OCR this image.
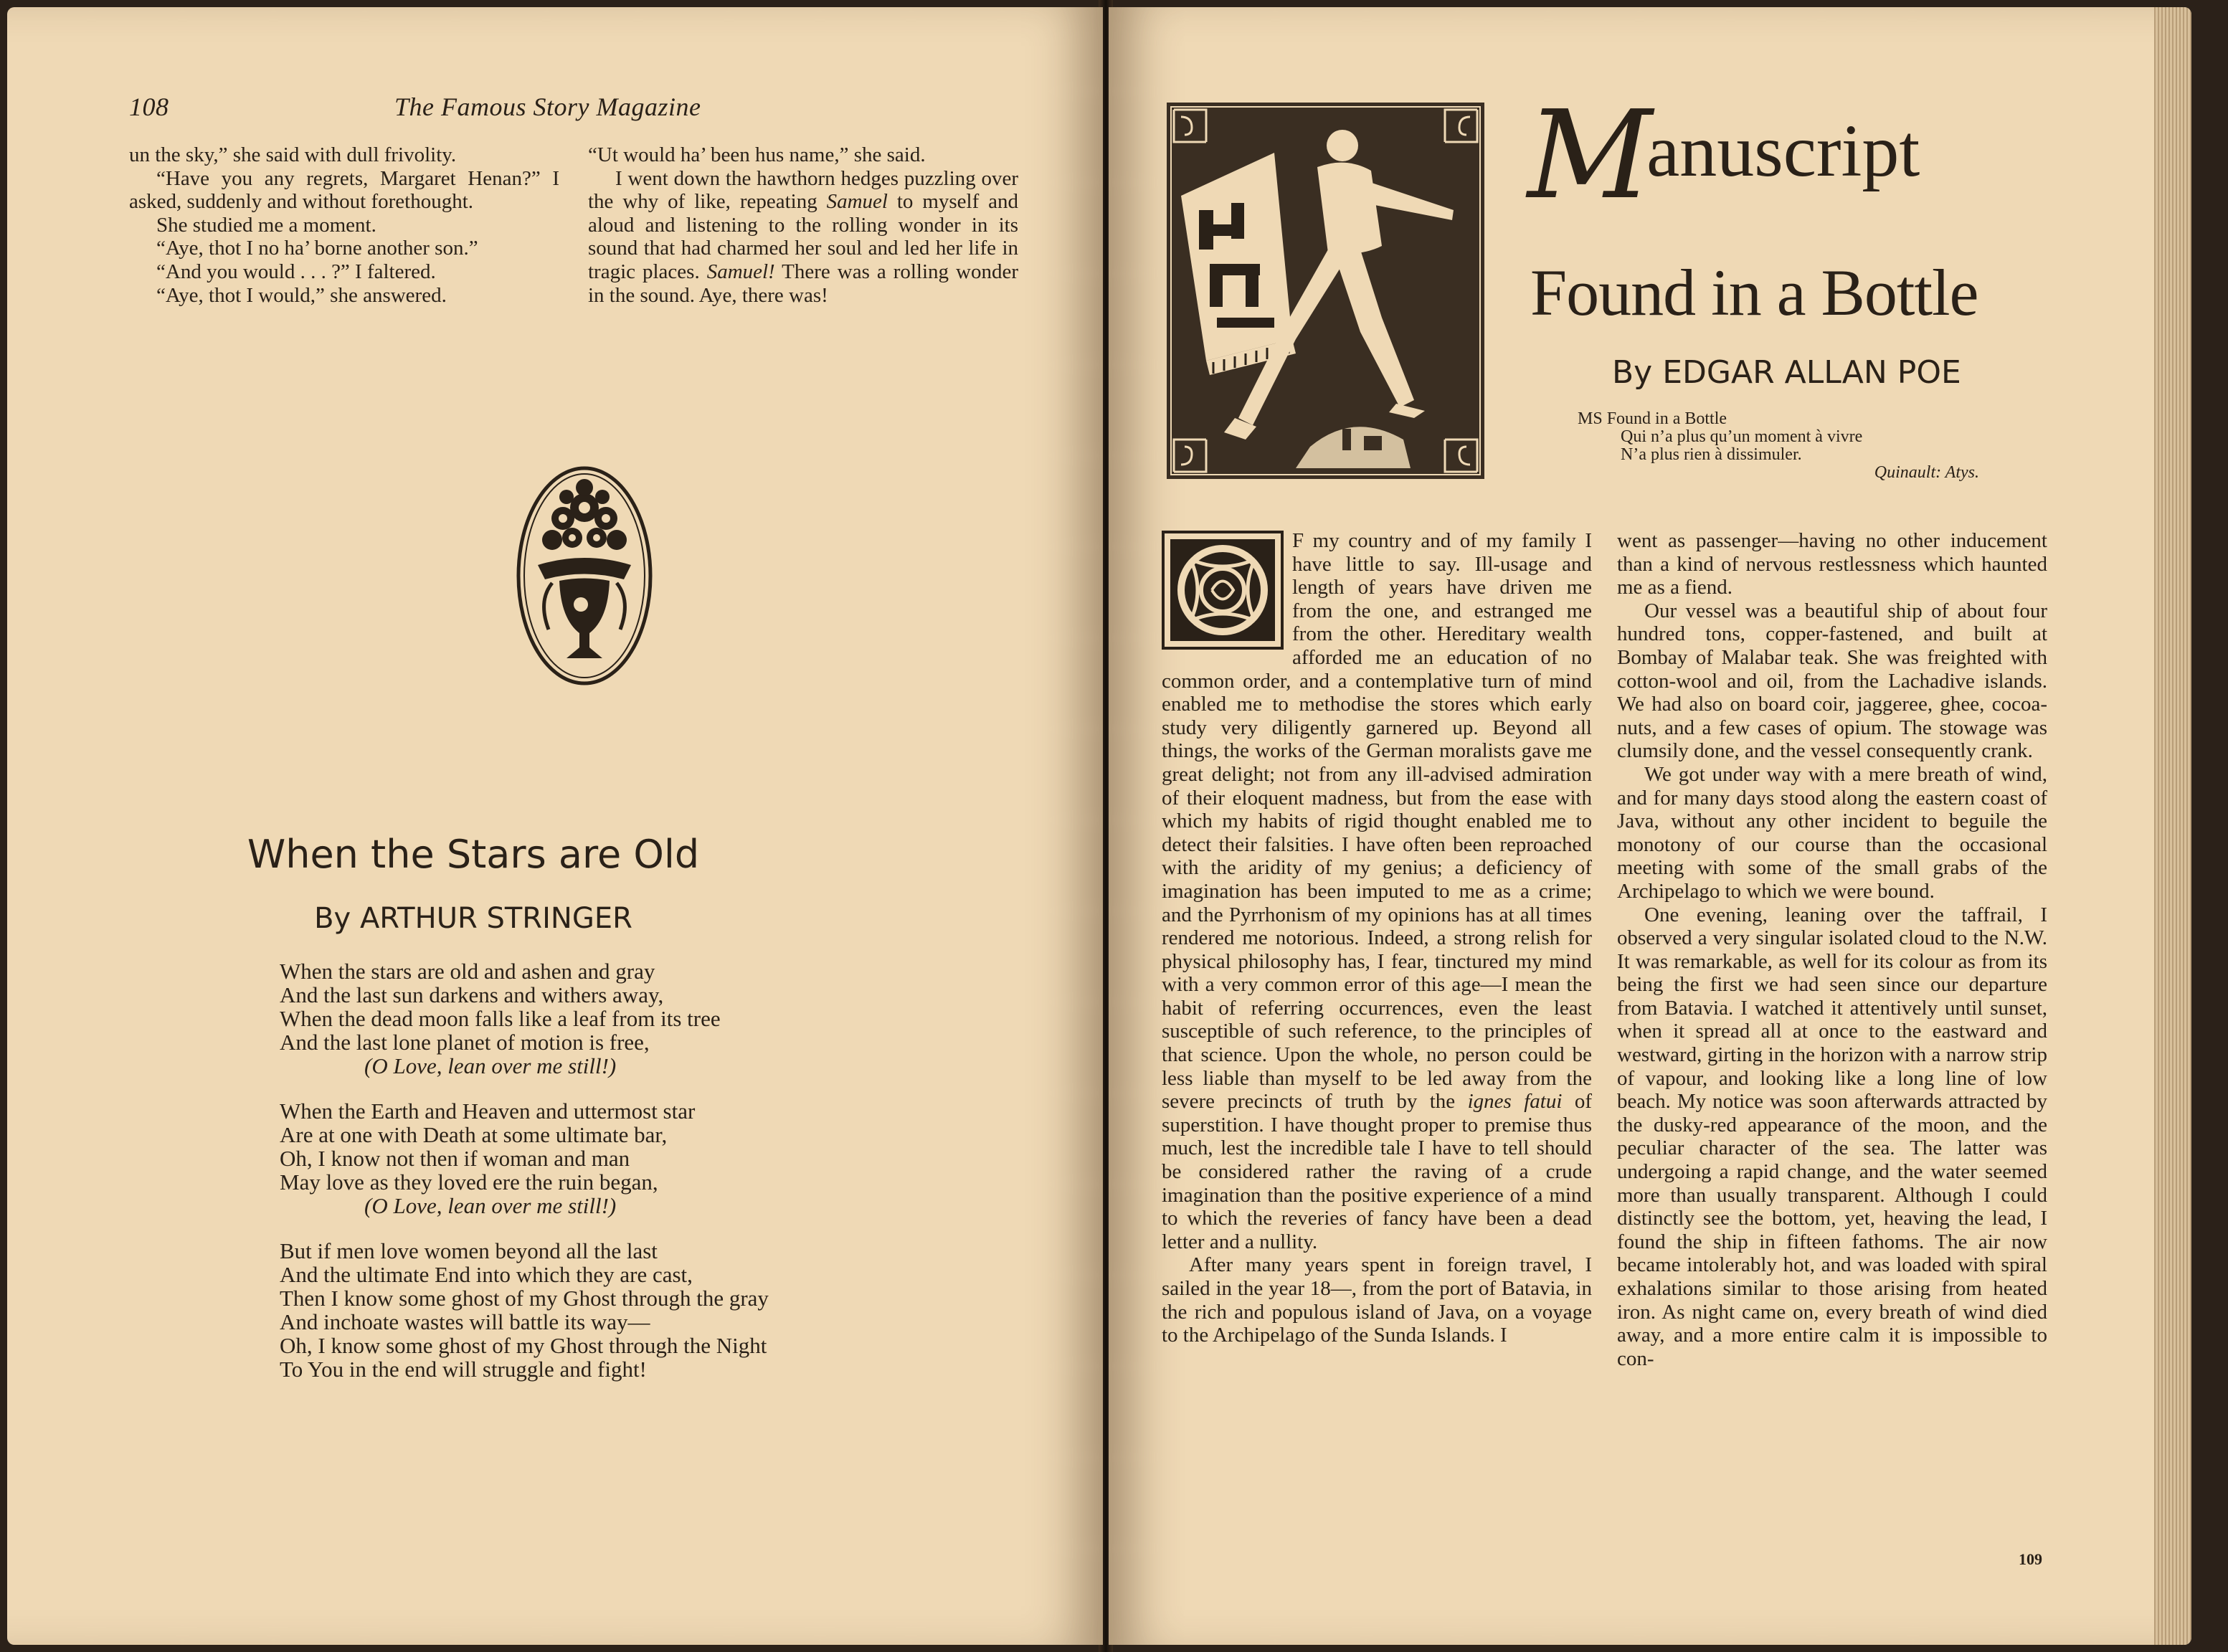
108	The Famous Story Magazine

un the sky,” she said with dull frivolity.

“Have you any regrets, Margaret Henan?” I asked, suddenly and without forethought.

She studied me a moment.

“Aye, thot I no ha’ borne another son.”

“And you would . . . ?” I faltered.

“Aye, thot I would,” she answered.

“Ut would ha’ been hus name,” she said.

I went down the hawthorn hedges puzzling over the why of like, repeating Samuel to myself and aloud and listening to the rolling wonder in its sound that had charmed her soul and led her life in tragic places. Samuel! There was a rolling wonder in the sound. Aye, there was!

When the Stars are Old
By ARTHUR STRINGER
When the stars are old and ashen and gray
And the last sun darkens and withers away,
When the dead moon falls like a leaf from its tree
And the last lone planet of motion is free,
(O Love, lean over me still!)
When the Earth and Heaven and uttermost star
Are at one with Death at some ultimate bar,
Oh, I know not then if woman and man
May love as they loved ere the ruin began,
(O Love, lean over me still!)
But if men love women beyond all the last
And the ultimate End into which they are cast,
Then I know some ghost of my Ghost through the gray
And inchoate wastes will battle its way—
Oh, I know some ghost of my Ghost through the Night
To You in the end will struggle and fight!
Manuscript
Found in a Bottle
By EDGAR ALLAN POE
MS Found in a Bottle
Qui n’a plus qu’un moment à vivre
N’a plus rien à dissimuler.
Quinault: Atys.

F my country and of my family I have little to say. Ill-usage and length of years have driven me from the one, and estranged me from the other. Hereditary wealth afforded me an education of no common order, and a contemplative turn of mind enabled me to methodise the stores which early study very diligently garnered up. Beyond all things, the works of the German moralists gave me great delight; not from any ill-advised admiration of their eloquent madness, but from the ease with which my habits of rigid thought enabled me to detect their falsities. I have often been reproached with the aridity of my genius; a deficiency of imagination has been imputed to me as a crime; and the Pyrrhonism of my opinions has at all times rendered me notorious. Indeed, a strong relish for physical philosophy has, I fear, tinctured my mind with a very common error of this age—I mean the habit of referring occurrences, even the least susceptible of such reference, to the principles of that science. Upon the whole, no person could be less liable than myself to be led away from the severe precincts of truth by the ignes fatui of superstition. I have thought proper to premise thus much, lest the incredible tale I have to tell should be considered rather the raving of a crude imagination than the positive experience of a mind to which the reveries of fancy have been a dead letter and a nullity.

After many years spent in foreign travel, I sailed in the year 18—, from the port of Batavia, in the rich and populous island of Java, on a voyage to the Archipelago of the Sunda Islands. I

went as passenger—having no other inducement than a kind of nervous restlessness which haunted me as a fiend.

Our vessel was a beautiful ship of about four hundred tons, copper-fastened, and built at Bombay of Malabar teak. She was freighted with cotton-wool and oil, from the Lachadive islands. We had also on board coir, jaggeree, ghee, cocoa-nuts, and a few cases of opium. The stowage was clumsily done, and the vessel consequently crank.

We got under way with a mere breath of wind, and for many days stood along the eastern coast of Java, without any other incident to beguile the monotony of our course than the occasional meeting with some of the small grabs of the Archipelago to which we were bound.

One evening, leaning over the taffrail, I observed a very singular isolated cloud to the N.W. It was remarkable, as well for its colour as from its being the first we had seen since our departure from Batavia. I watched it attentively until sunset, when it spread all at once to the eastward and westward, girting in the horizon with a narrow strip of vapour, and looking like a long line of low beach. My notice was soon afterwards attracted by the dusky-red appearance of the moon, and the peculiar character of the sea. The latter was undergoing a rapid change, and the water seemed more than usually transparent. Although I could distinctly see the bottom, yet, heaving the lead, I found the ship in fifteen fathoms. The air now became intolerably hot, and was loaded with spiral exhalations similar to those arising from heated iron. As night came on, every breath of wind died away, and a more entire calm it is impossible to con-

109
